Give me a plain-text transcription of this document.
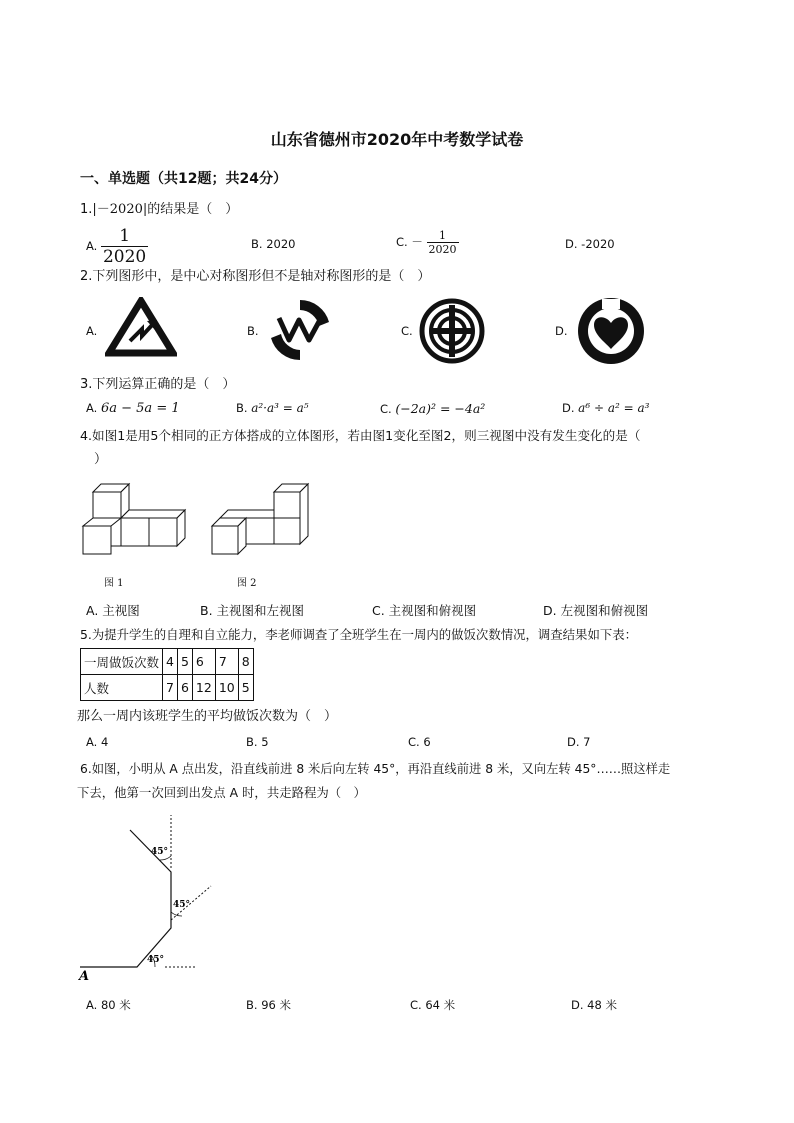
山东省德州市2020年中考数学试卷
一、单选题（共12题；共24分）
1.|－2020|的结果是（　）
A. $\frac{1}{2020}$	B. 2020	C. － $\frac{1}{2020}$	D. -2020
2.下列图形中，是中心对称图形但不是轴对称图形的是（　）
A.	B.	C.	D.
3.下列运算正确的是（　）
A. 6a − 5a = 1	B. a²·a³ = a⁵	C. (−2a)² = −4a²	D. a⁶ ÷ a² = a³
4.如图1是用5个相同的正方体搭成的立体图形，若由图1变化至图2，则三视图中没有发生变化的是（
）
图 1	图 2
A. 主视图	B. 主视图和左视图	C. 主视图和俯视图	D. 左视图和俯视图
5.为提升学生的自理和自立能力，李老师调查了全班学生在一周内的做饭次数情况，调查结果如下表：
一周做饭次数	4	5	6	7	8
人数	7	6	12	10	5
那么一周内该班学生的平均做饭次数为（　）
A. 4	B. 5	C. 6	D. 7
6.如图，小明从 A 点出发，沿直线前进 8 米后向左转 45°，再沿直线前进 8 米，又向左转 45°……照这样走
下去，他第一次回到出发点 A 时，共走路程为（　）
A
45°
45°
45°
A. 80 米	B. 96 米	C. 64 米	D. 48 米
